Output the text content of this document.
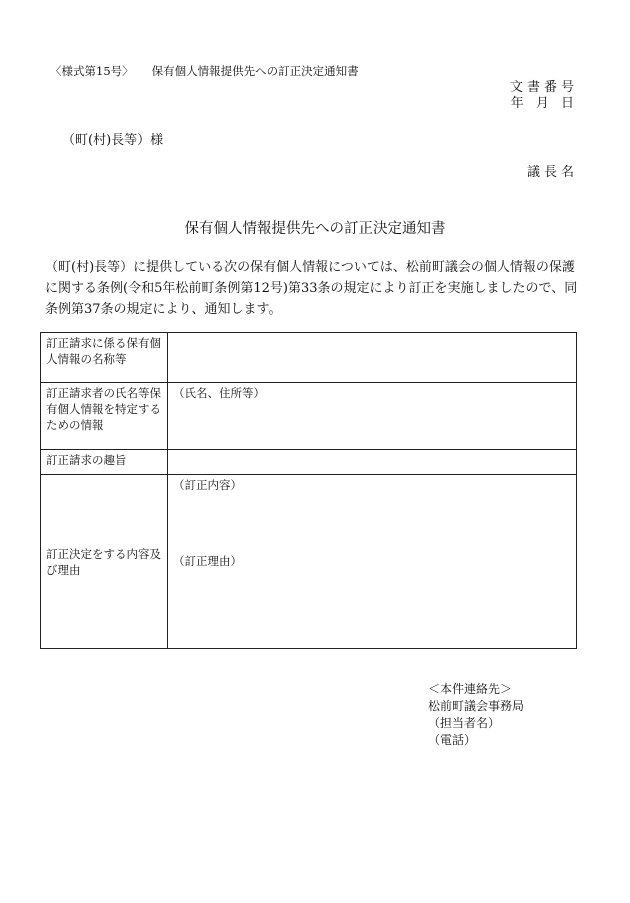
〈様式第15号〉 保有個人情報提供先への訂正決定通知書
文書番号
年 月 日
（町(村)長等）様
議長名
保有個人情報提供先への訂正決定通知書
（町(村)長等）に提供している次の保有個人情報については、松前町議会の個人情報の保護に関する条例(令和5年松前町条例第12号)第33条の規定により訂正を実施しましたので、同条例第37条の規定により、通知します。
訂正請求に係る保有個人情報の名称等	
訂正請求者の氏名等保有個人情報を特定するための情報	（氏名、住所等）
訂正請求の趣旨	
訂正決定をする内容及び理由	（訂正内容）
（訂正理由）
＜本件連絡先＞
松前町議会事務局
（担当者名）
（電話）
